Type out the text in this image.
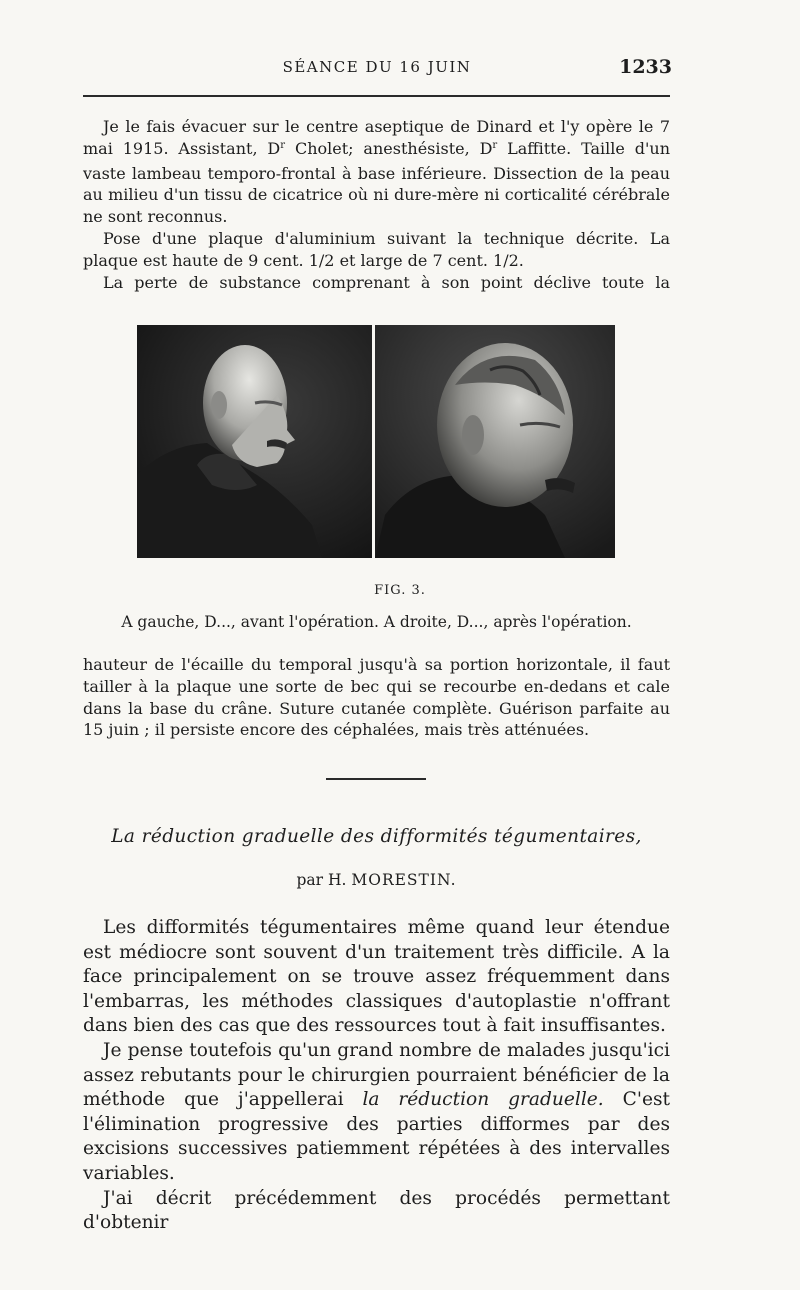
SÉANCE DU 16 JUIN	1233

Je le fais évacuer sur le centre aseptique de Dinard et l'y opère le 7 mai 1915. Assistant, $D^r$ Cholet; anesthésiste, $D^r$ Laffitte. Taille d'un vaste lambeau temporo-frontal à base inférieure. Dissection de la peau au milieu d'un tissu de cicatrice où ni dure-mère ni corticalité cérébrale ne sont reconnus.

Pose d'une plaque d'aluminium suivant la technique décrite. La plaque est haute de 9 cent. 1/2 et large de 7 cent. 1/2.

La perte de substance comprenant à son point déclive toute la

FIG. 3.
A gauche, D..., avant l'opération. A droite, D..., après l'opération.

hauteur de l'écaille du temporal jusqu'à sa portion horizontale, il faut tailler à la plaque une sorte de bec qui se recourbe en-dedans et cale dans la base du crâne. Suture cutanée complète. Guérison parfaite au 15 juin ; il persiste encore des céphalées, mais très atténuées.

La réduction graduelle des difformités tégumentaires,
par H. MORESTIN.

Les difformités tégumentaires même quand leur étendue est médiocre sont souvent d'un traitement très difficile. A la face principalement on se trouve assez fréquemment dans l'embarras, les méthodes classiques d'autoplastie n'offrant dans bien des cas que des ressources tout à fait insuffisantes.

Je pense toutefois qu'un grand nombre de malades jusqu'ici assez rebutants pour le chirurgien pourraient bénéficier de la méthode que j'appellerai la réduction graduelle. C'est l'élimination progressive des parties difformes par des excisions successives patiemment répétées à des intervalles variables.

J'ai décrit précédemment des procédés permettant d'obtenir
